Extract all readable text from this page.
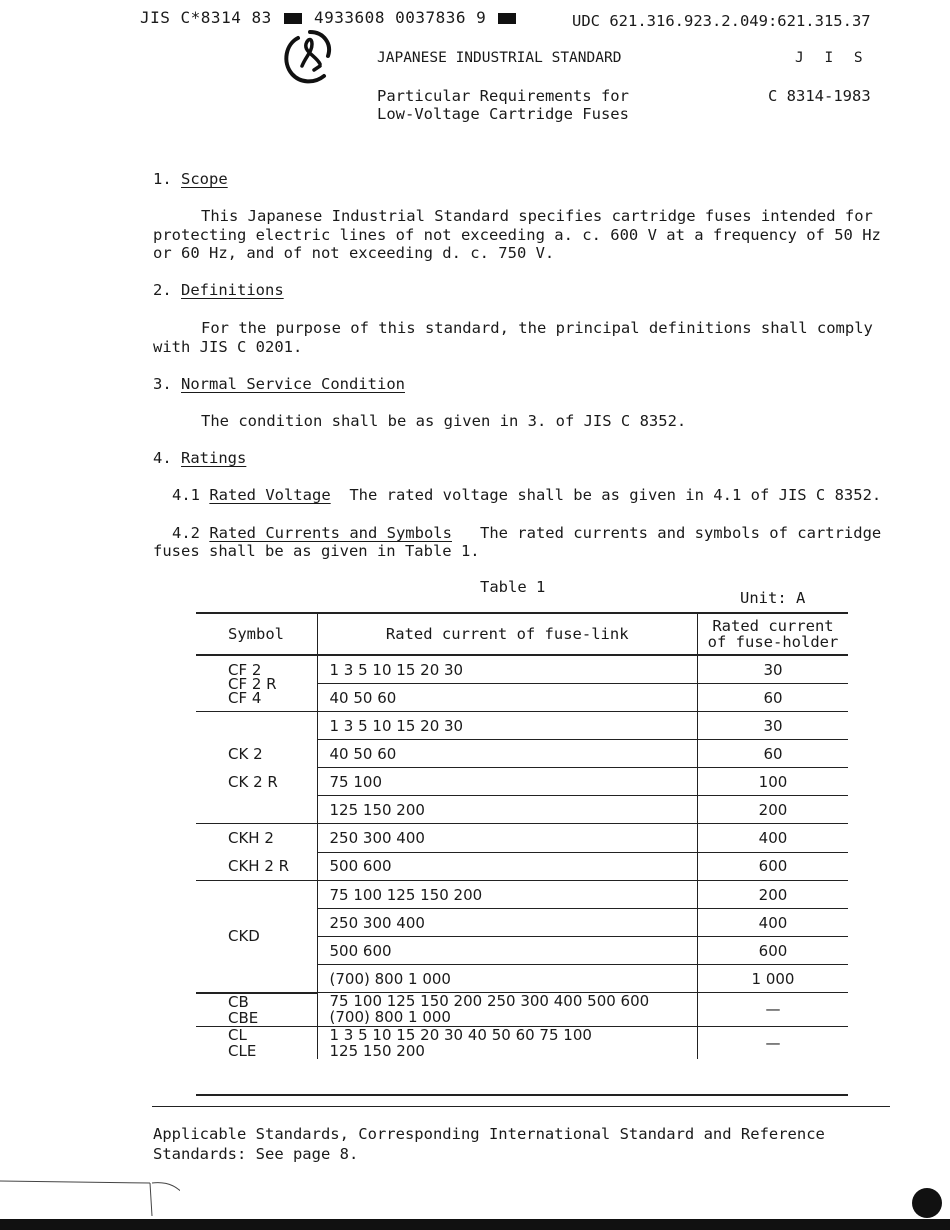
JIS C*8314 83	4933608 0037836 9	UDC 621.316.923.2.049:621.315.37
JAPANESE INDUSTRIAL STANDARD	J I S
Particular Requirements for
Low-Voltage Cartridge Fuses
C 8314-1983
1. Scope
This Japanese Industrial Standard specifies cartridge fuses intended for
protecting electric lines of not exceeding a. c. 600 V at a frequency of 50 Hz
or 60 Hz, and of not exceeding d. c. 750 V.
2. Definitions
For the purpose of this standard, the principal definitions shall comply
with JIS C 0201.
3. Normal Service Condition
The condition shall be as given in 3. of JIS C 8352.
4. Ratings
4.1 Rated Voltage The rated voltage shall be as given in 4.1 of JIS C 8352.
4.2 Rated Currents and Symbols The rated currents and symbols of cartridge
fuses shall be as given in Table 1.
Table 1
Unit: A
Symbol	Rated current of fuse-link	Rated current
of fuse-holder

CF 2
CF 2 R
CF 4	1 3 5 10 15 20 30	30
	40 50 60	60

CK 2
CK 2 R	1 3 5 10 15 20 30	30
	40 50 60	60
	75 100	100
	125 150 200	200

CKH 2
CKH 2 R	250 300 400	400
	500 600	600

CKD	75 100 125 150 200	200
	250 300 400	400
	500 600	600
	(700) 800 1 000	1 000

CB
CBE	75 100 125 150 200 250 300 400 500 600
(700) 800 1 000	—

CL
CLE	1 3 5 10 15 20 30 40 50 60 75 100
125 150 200	—
Applicable Standards, Corresponding International Standard and Reference
Standards: See page 8.
